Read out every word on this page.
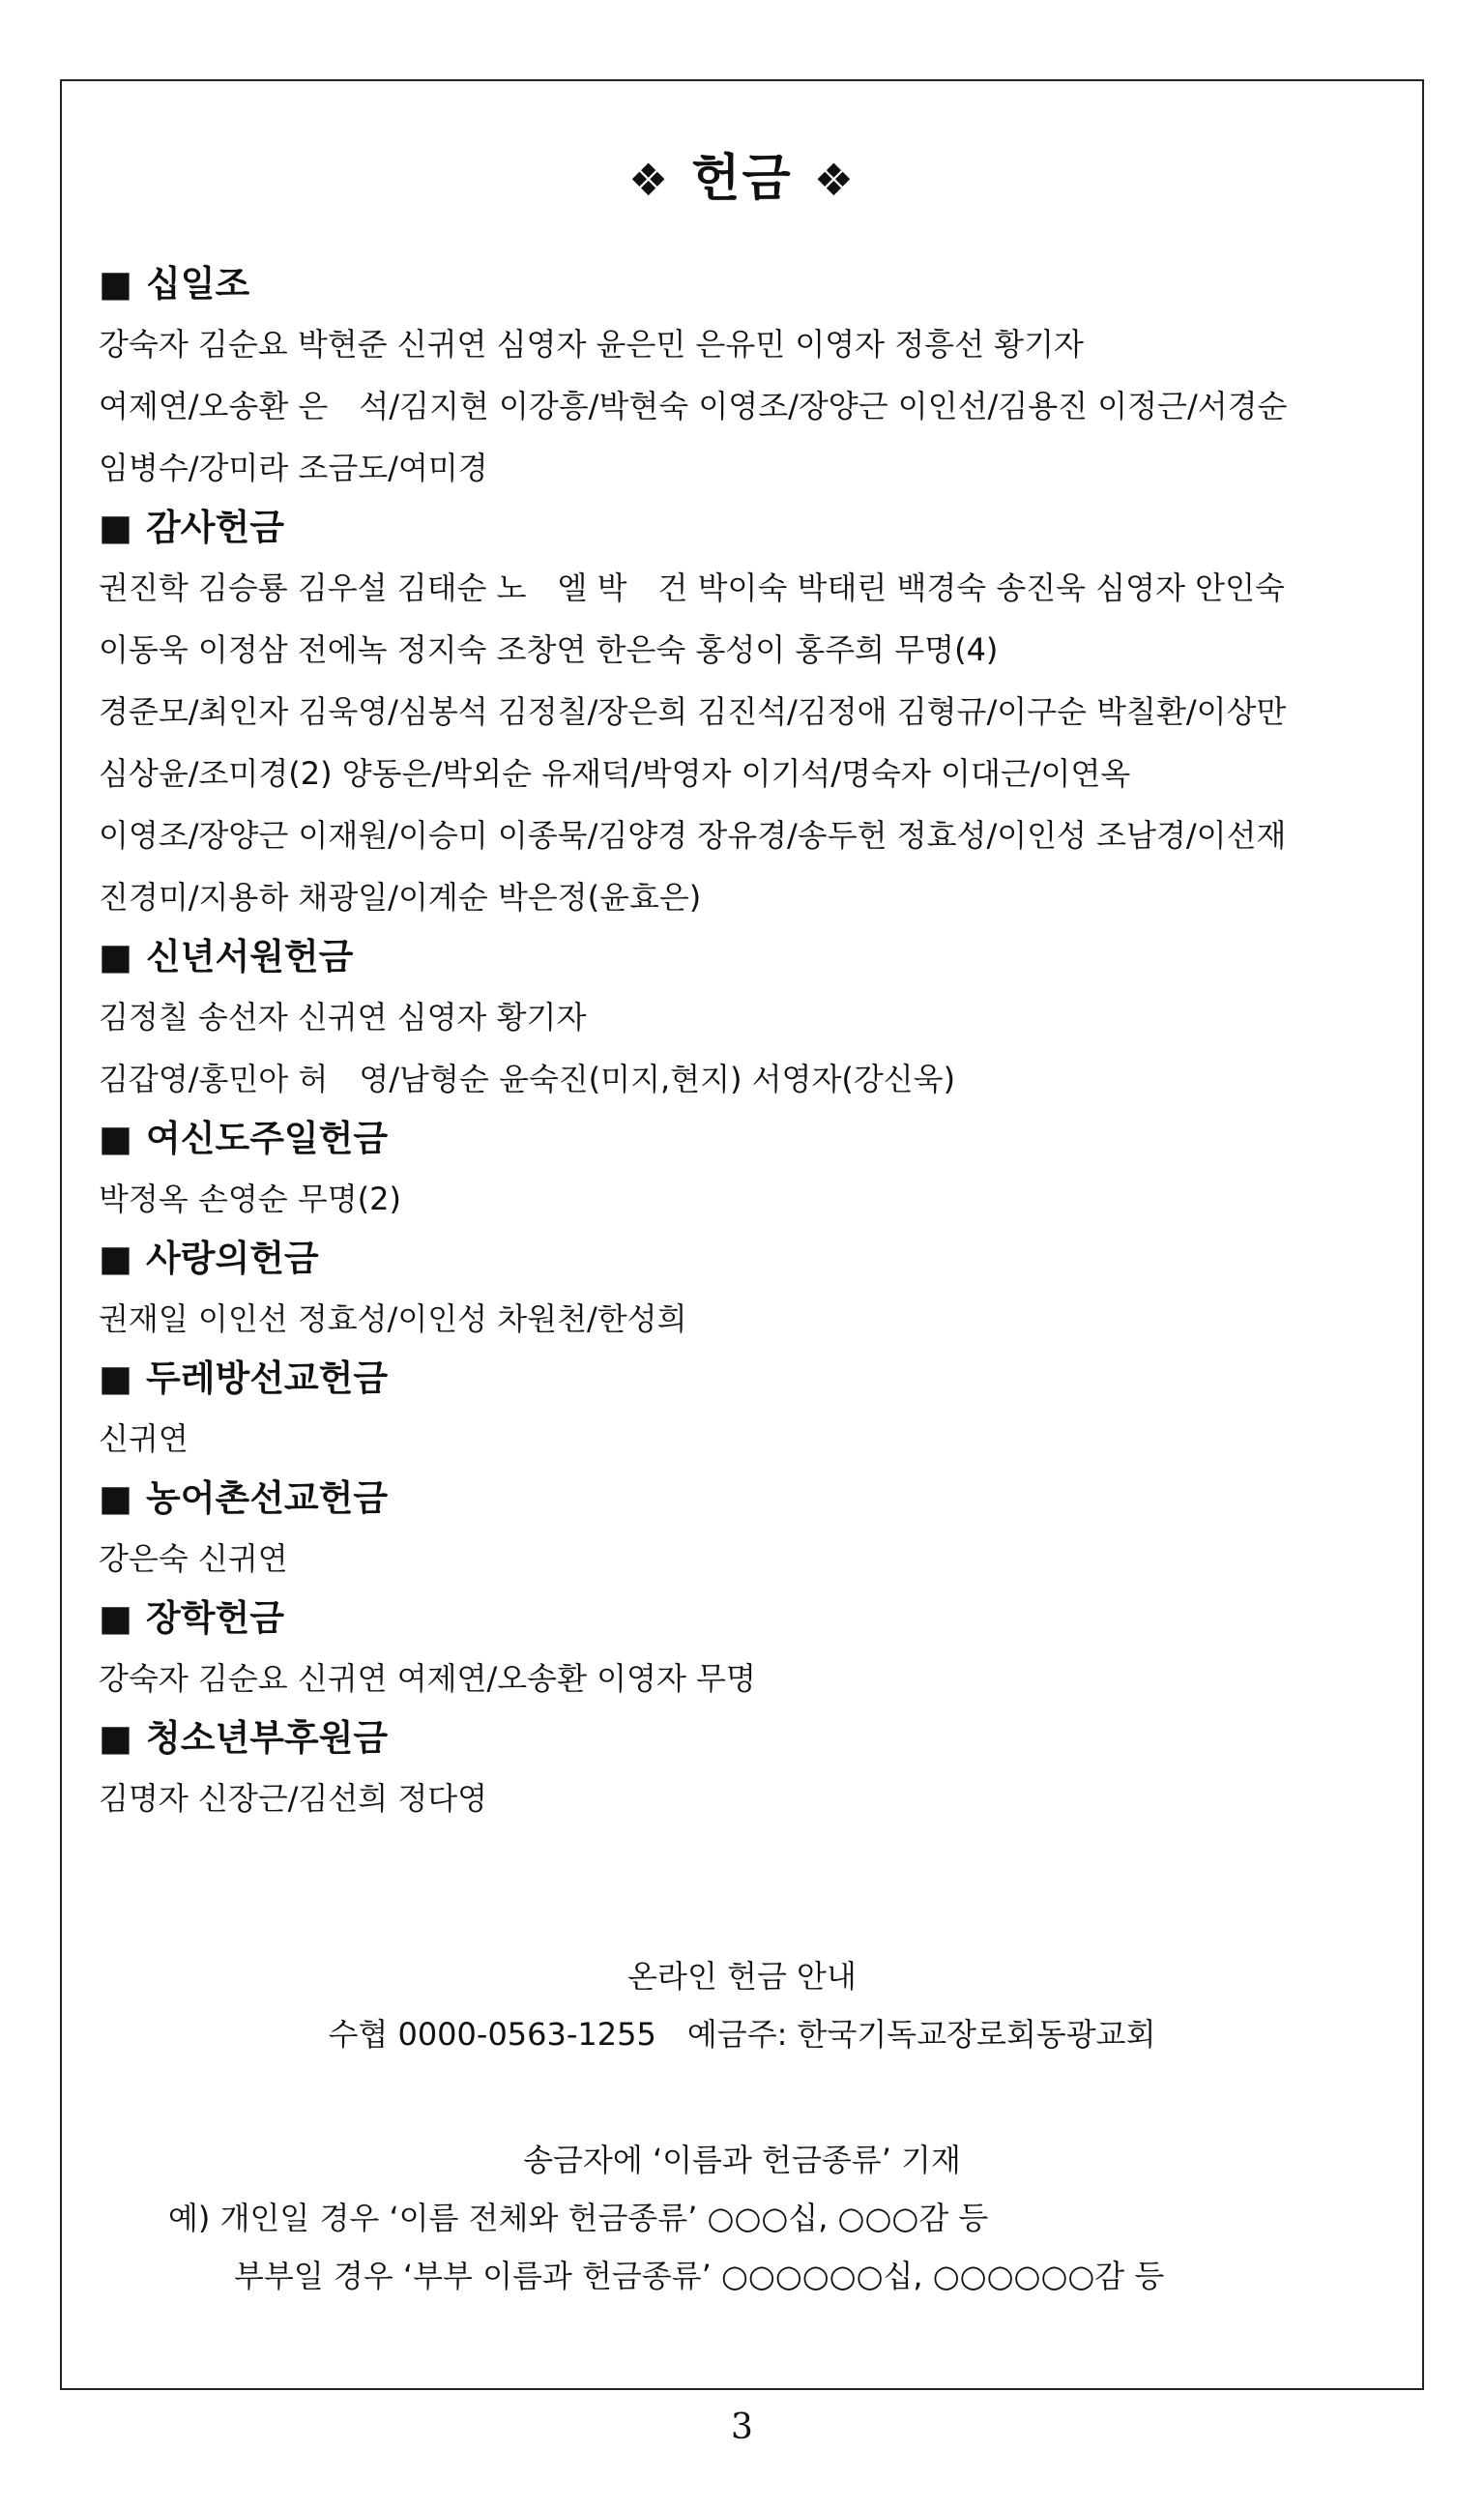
❖ 헌금 ❖
■ 십일조
강숙자 김순요 박현준 신귀연 심영자 윤은민 은유민 이영자 정흥선 황기자
여제연/오송환 은　석/김지현 이강흥/박현숙 이영조/장양근 이인선/김용진 이정근/서경순
임병수/강미라 조금도/여미경
■ 감사헌금
권진학 김승룡 김우설 김태순 노　엘 박　건 박이숙 박태린 백경숙 송진욱 심영자 안인숙
이동욱 이정삼 전에녹 정지숙 조창연 한은숙 홍성이 홍주희 무명(4)
경준모/최인자 김욱영/심봉석 김정칠/장은희 김진석/김정애 김형규/이구순 박칠환/이상만
심상윤/조미경(2) 양동은/박외순 유재덕/박영자 이기석/명숙자 이대근/이연옥
이영조/장양근 이재원/이승미 이종묵/김양경 장유경/송두헌 정효성/이인성 조남경/이선재
진경미/지용하 채광일/이계순 박은정(윤효은)
■ 신년서원헌금
김정칠 송선자 신귀연 심영자 황기자
김갑영/홍민아 허　영/남형순 윤숙진(미지,현지) 서영자(강신욱)
■ 여신도주일헌금
박정옥 손영순 무명(2)
■ 사랑의헌금
권재일 이인선 정효성/이인성 차원천/한성희
■ 두레방선교헌금
신귀연
■ 농어촌선교헌금
강은숙 신귀연
■ 장학헌금
강숙자 김순요 신귀연 여제연/오송환 이영자 무명
■ 청소년부후원금
김명자 신장근/김선희 정다영
온라인 헌금 안내
수협 0000-0563-1255　예금주: 한국기독교장로회동광교회
송금자에 ‘이름과 헌금종류’ 기재
예) 개인일 경우 ‘이름 전체와 헌금종류’ ○○○십, ○○○감 등
부부일 경우 ‘부부 이름과 헌금종류’ ○○○○○○십, ○○○○○○감 등
3
